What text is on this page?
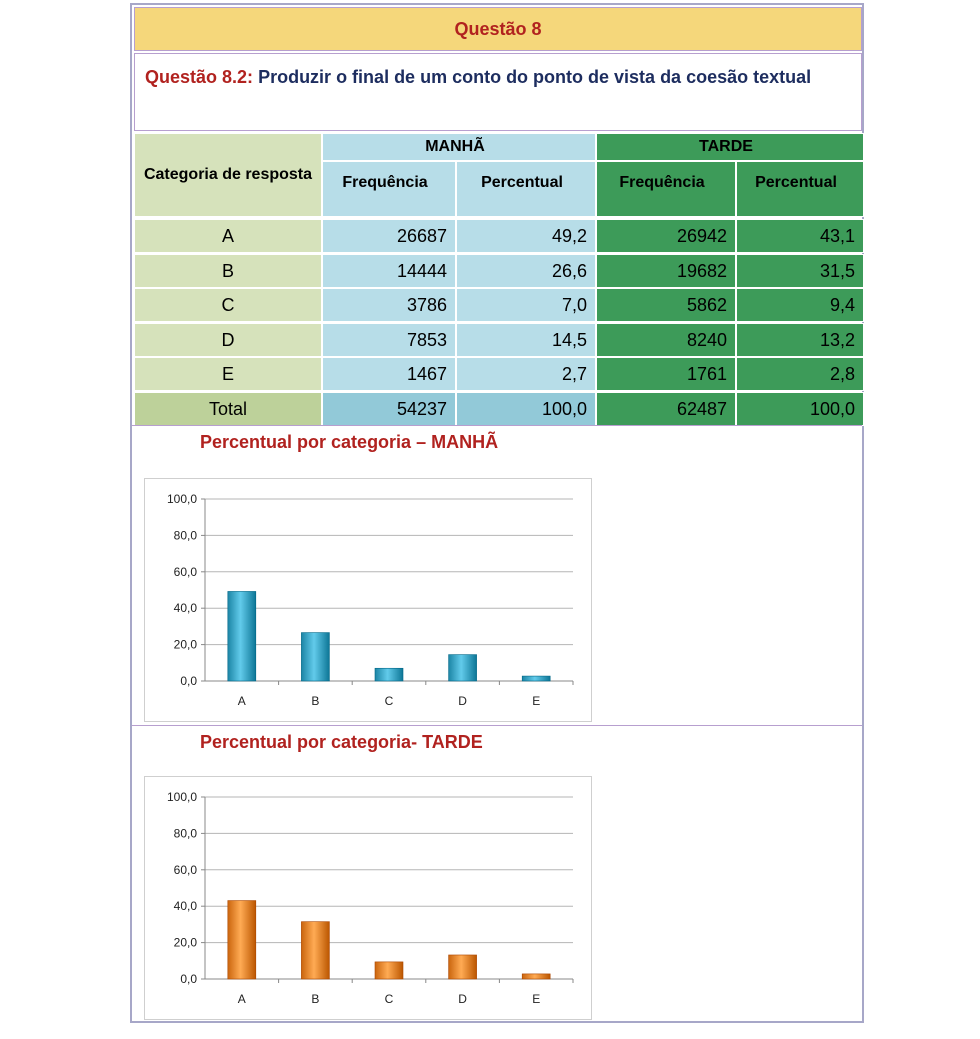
Questão 8
Questão 8.2: Produzir o final de um conto do ponto de vista da coesão textual
Categoria de resposta
MANHÃ	TARDE
Frequência	Percentual	Frequência	Percentual
A	26687	49,2	26942	43,1
B	14444	26,6	19682	31,5
C	3786	7,0	5862	9,4
D	7853	14,5	8240	13,2
E	1467	2,7	1761	2,8
Total	54237	100,0	62487	100,0
Percentual por categoria – MANHÃ
0,0
20,0
40,0
60,0
80,0
100,0
A	B	C	D	E
Percentual por categoria- TARDE
0,0
20,0
40,0
60,0
80,0
100,0
A	B	C	D	E
